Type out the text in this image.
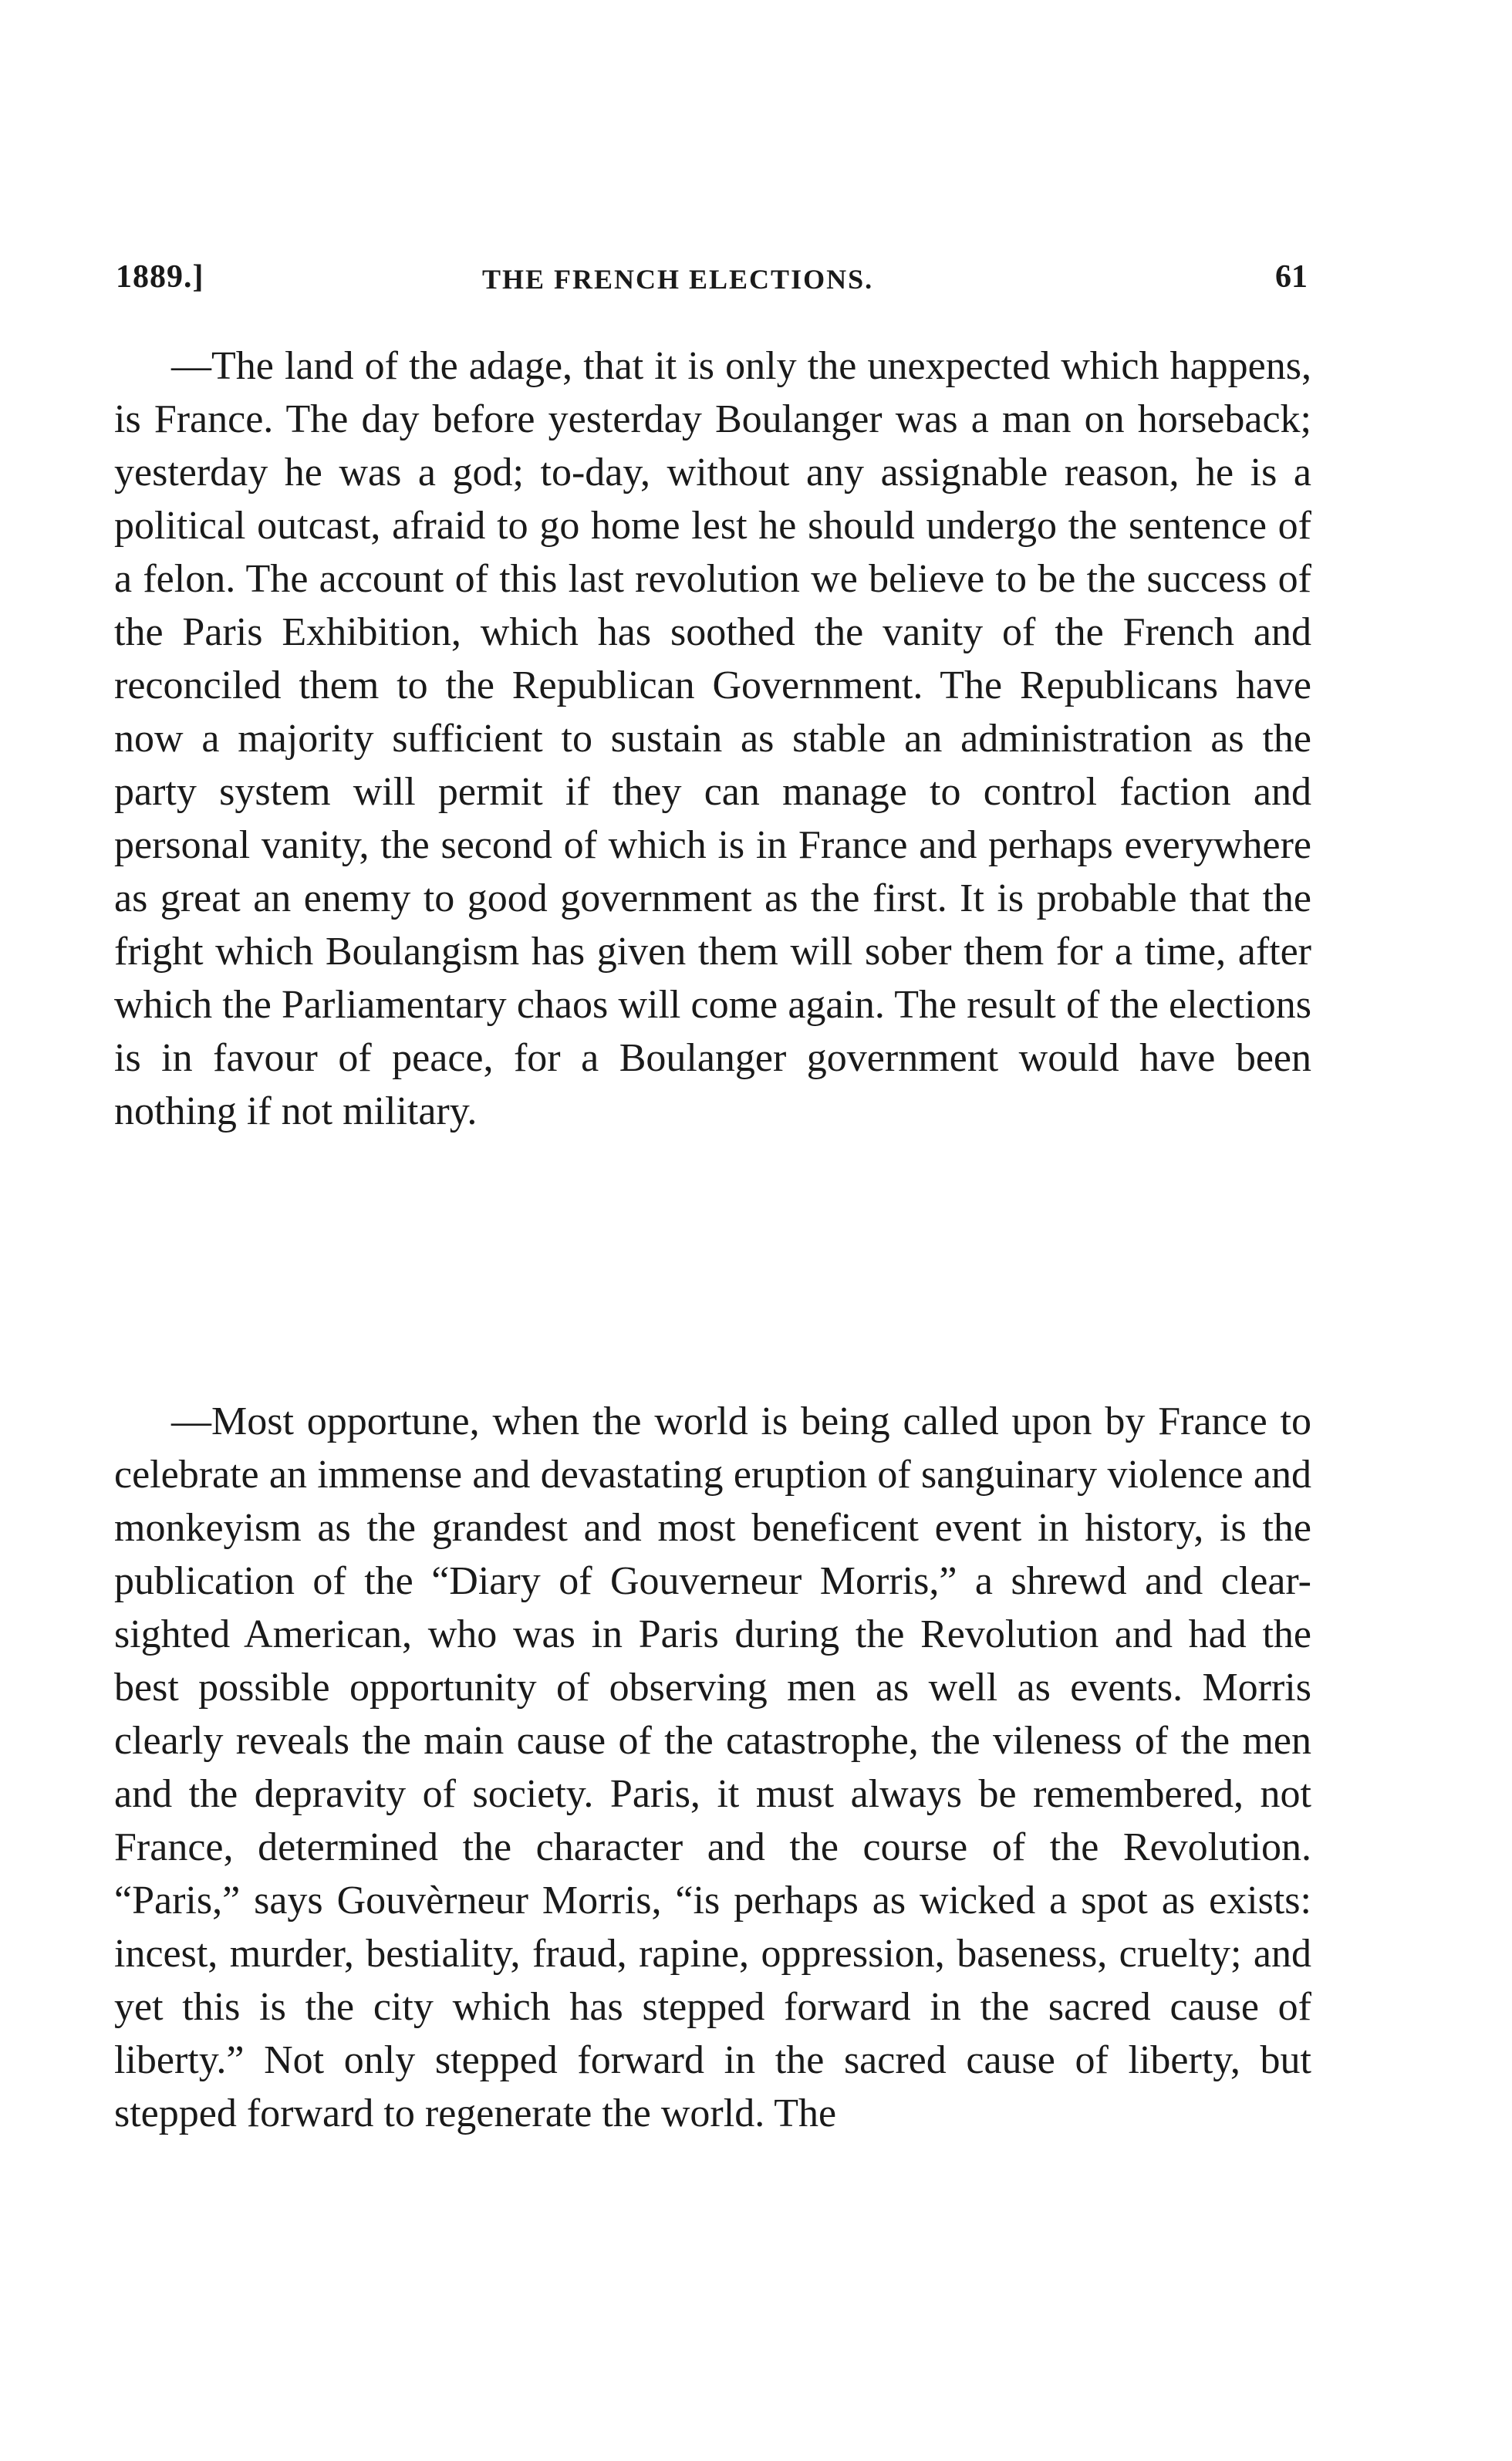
1889.]	THE FRENCH ELECTIONS.	61

—The land of the adage, that it is only the unexpected which happens, is France. The day before yesterday Boulanger was a man on horseback; yesterday he was a god; to-day, without any assignable reason, he is a political outcast, afraid to go home lest he should undergo the sentence of a felon. The account of this last revolution we believe to be the success of the Paris Exhibition, which has soothed the vanity of the French and reconciled them to the Republican Government. The Republicans have now a majority sufficient to sustain as stable an administration as the party system will permit if they can manage to control faction and personal vanity, the second of which is in France and perhaps everywhere as great an enemy to good government as the first. It is probable that the fright which Boulangism has given them will sober them for a time, after which the Parliamentary chaos will come again. The result of the elections is in favour of peace, for a Boulanger government would have been nothing if not military.

—Most opportune, when the world is being called upon by France to celebrate an immense and devastating eruption of sanguinary violence and monkeyism as the grandest and most beneficent event in history, is the publication of the “Diary of Gouverneur Morris,” a shrewd and clear-sighted American, who was in Paris during the Revolution and had the best possible opportunity of observing men as well as events. Morris clearly reveals the main cause of the catastrophe, the vileness of the men and the depravity of society. Paris, it must always be remembered, not France, determined the character and the course of the Revolution. “Paris,” says Gouvèrneur Morris, “is perhaps as wicked a spot as exists: incest, murder, bestiality, fraud, rapine, oppression, baseness, cruelty; and yet this is the city which has stepped forward in the sacred cause of liberty.” Not only stepped forward in the sacred cause of liberty, but stepped forward to regenerate the world. The
